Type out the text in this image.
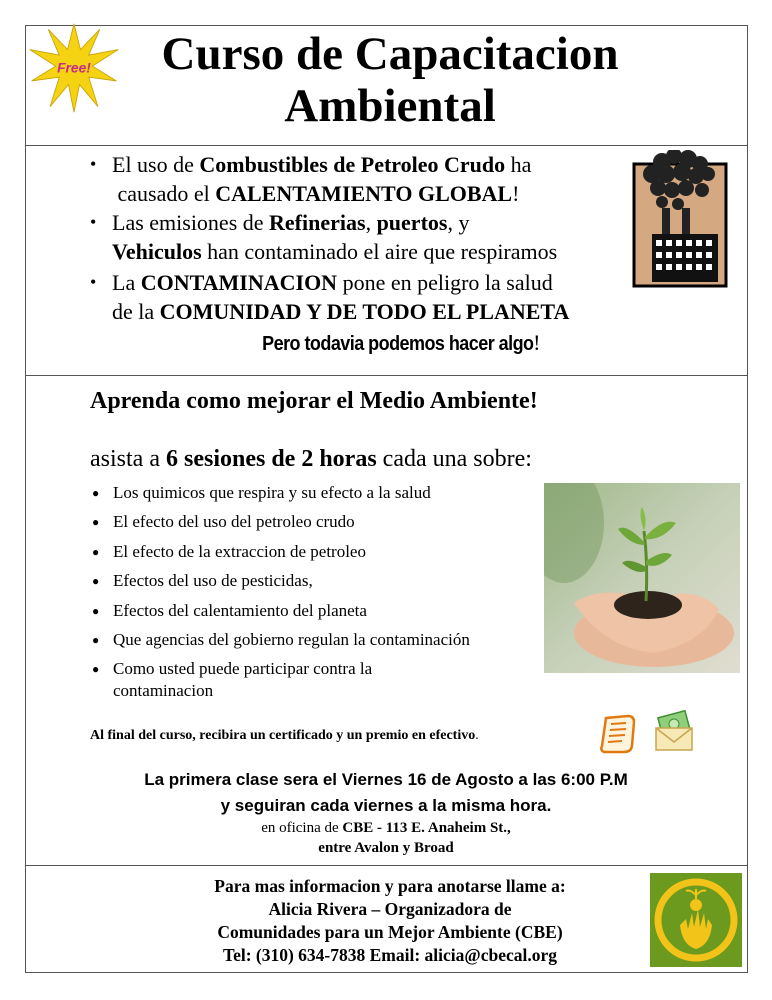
Free!	Curso de Capacitacion
Ambiental
• El uso de Combustibles de Petroleo Crudo ha
causado el CALENTAMIENTO GLOBAL!
• Las emisiones de Refinerias, puertos, y
Vehiculos han contaminado el aire que respiramos
• La CONTAMINACION pone en peligro la salud
de la COMUNIDAD Y DE TODO EL PLANETA
Pero todavia podemos hacer algo!
Aprenda como mejorar el Medio Ambiente!
asista a 6 sesiones de 2 horas cada una sobre:
● Los quimicos que respira y su efecto a la salud
● El efecto del uso del petroleo crudo
● El efecto de la extraccion de petroleo
● Efectos del uso de pesticidas,
● Efectos del calentamiento del planeta
● Que agencias del gobierno regulan la contaminación
● Como usted puede participar contra la contaminacion
Al final del curso, recibira un certificado y un premio en efectivo.
La primera clase sera el Viernes 16 de Agosto a las 6:00 P.M
y seguiran cada viernes a la misma hora.
en oficina de CBE - 113 E. Anaheim St.,
entre Avalon y Broad
Para mas informacion y para anotarse llame a:
Alicia Rivera – Organizadora de
Comunidades para un Mejor Ambiente (CBE)
Tel: (310) 634-7838 Email: alicia@cbecal.org
